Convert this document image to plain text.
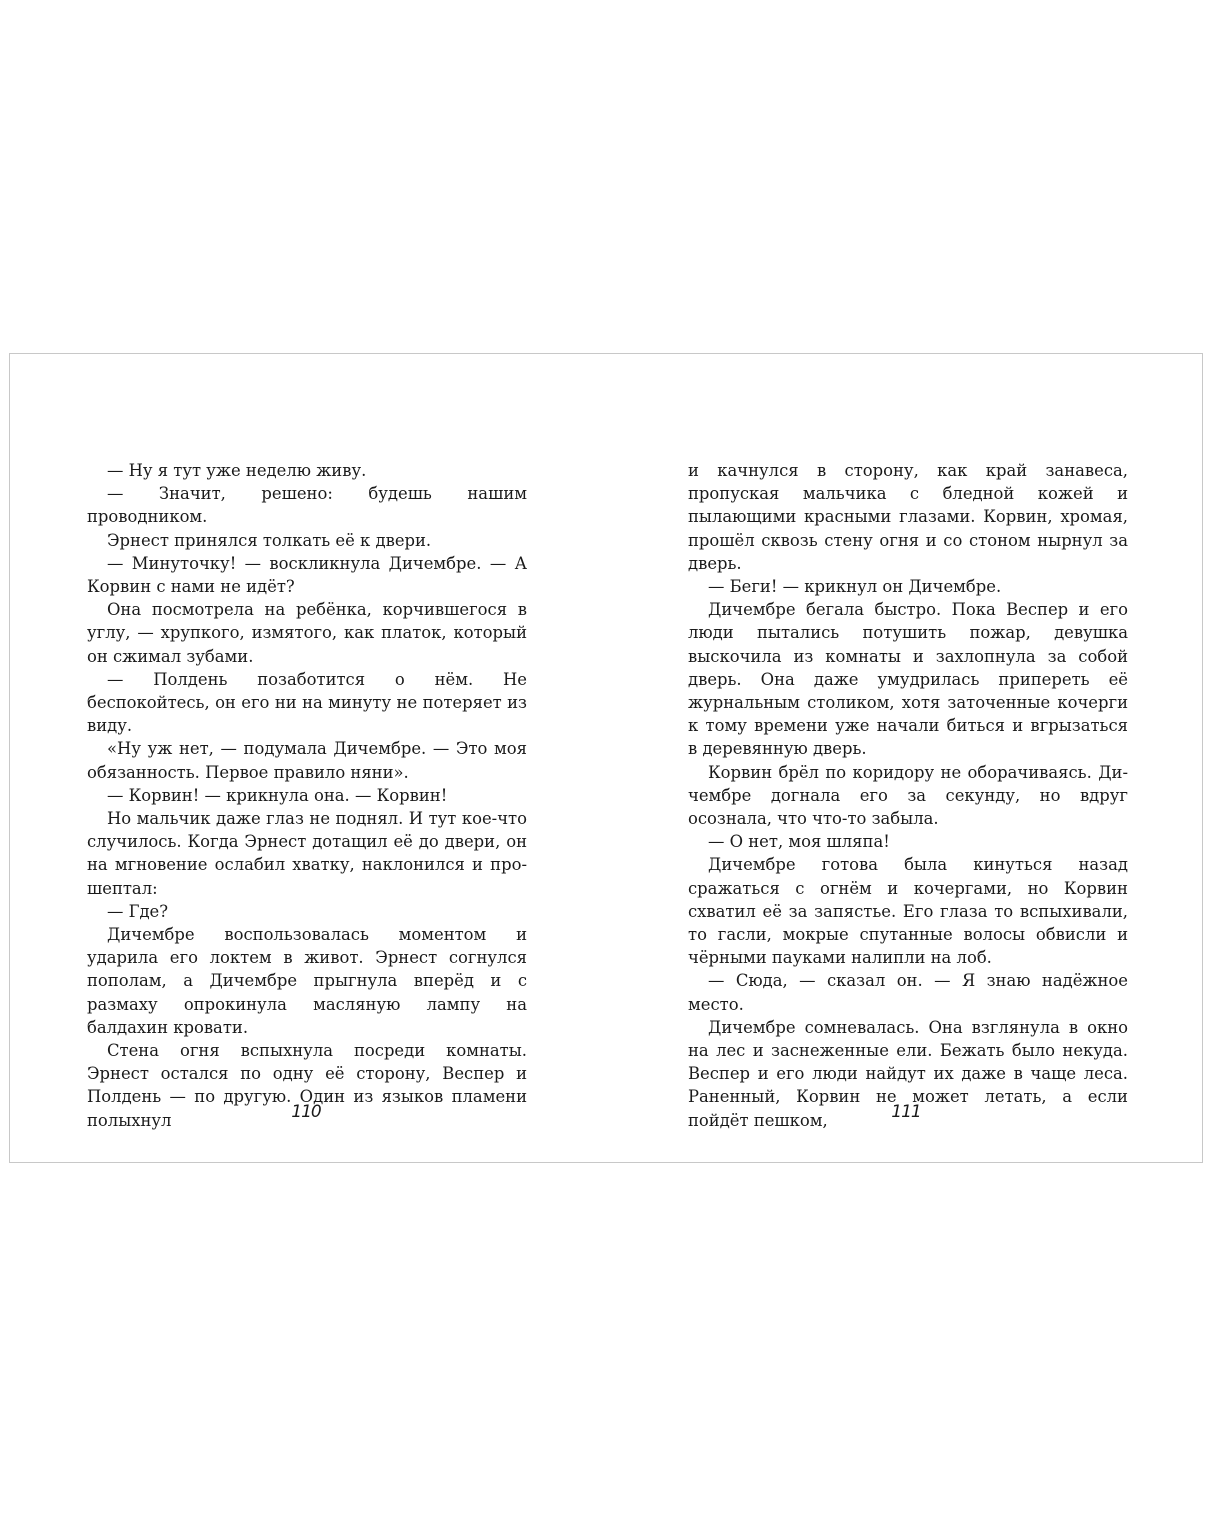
— Ну я тут уже неделю живу.

— Значит, решено: будешь нашим проводником.

Эрнест принялся толкать её к двери.

— Минуточку! — воскликнула Дичембре. — А Корвин с нами не идёт?

Она посмотрела на ребёнка, корчившегося в углу, — хрупкого, измятого, как платок, который он сжимал зубами.

— Полдень позаботится о нём. Не беспокойтесь, он его ни на минуту не потеряет из виду.

«Ну уж нет, — подумала Дичембре. — Это моя обязанность. Первое правило няни».

— Корвин! — крикнула она. — Корвин!

Но мальчик даже глаз не поднял. И тут кое-что случилось. Когда Эрнест дотащил её до двери, он на мгновение ослабил хватку, наклонился и прошептал:

— Где?

Дичембре воспользовалась моментом и ударила его локтем в живот. Эрнест согнулся пополам, а Дичембре прыгнула вперёд и с размаху опрокинула масляную лампу на балдахин кровати.

Стена огня вспыхнула посреди комнаты. Эрнест остался по одну её сторону, Веспер и Полдень — по другую. Один из языков пламени полыхнул

и качнулся в сторону, как край занавеса, пропуская мальчика с бледной кожей и пылающими красными глазами. Корвин, хромая, прошёл сквозь стену огня и со стоном нырнул за дверь.

— Беги! — крикнул он Дичембре.

Дичембре бегала быстро. Пока Веспер и его люди пытались потушить пожар, девушка выскочила из комнаты и захлопнула за собой дверь. Она даже умудрилась припереть её журнальным столиком, хотя заточенные кочерги к тому времени уже начали биться и вгрызаться в деревянную дверь.

Корвин брёл по коридору не оборачиваясь. Дичембре догнала его за секунду, но вдруг осознала, что что-то забыла.

— О нет, моя шляпа!

Дичембре готова была кинуться назад сражаться с огнём и кочергами, но Корвин схватил её за запястье. Его глаза то вспыхивали, то гасли, мокрые спутанные волосы обвисли и чёрными пауками налипли на лоб.

— Сюда, — сказал он. — Я знаю надёжное место.

Дичембре сомневалась. Она взглянула в окно на лес и заснеженные ели. Бежать было некуда. Веспер и его люди найдут их даже в чаще леса. Раненный, Корвин не может летать, а если пойдёт пешком,

110	111
